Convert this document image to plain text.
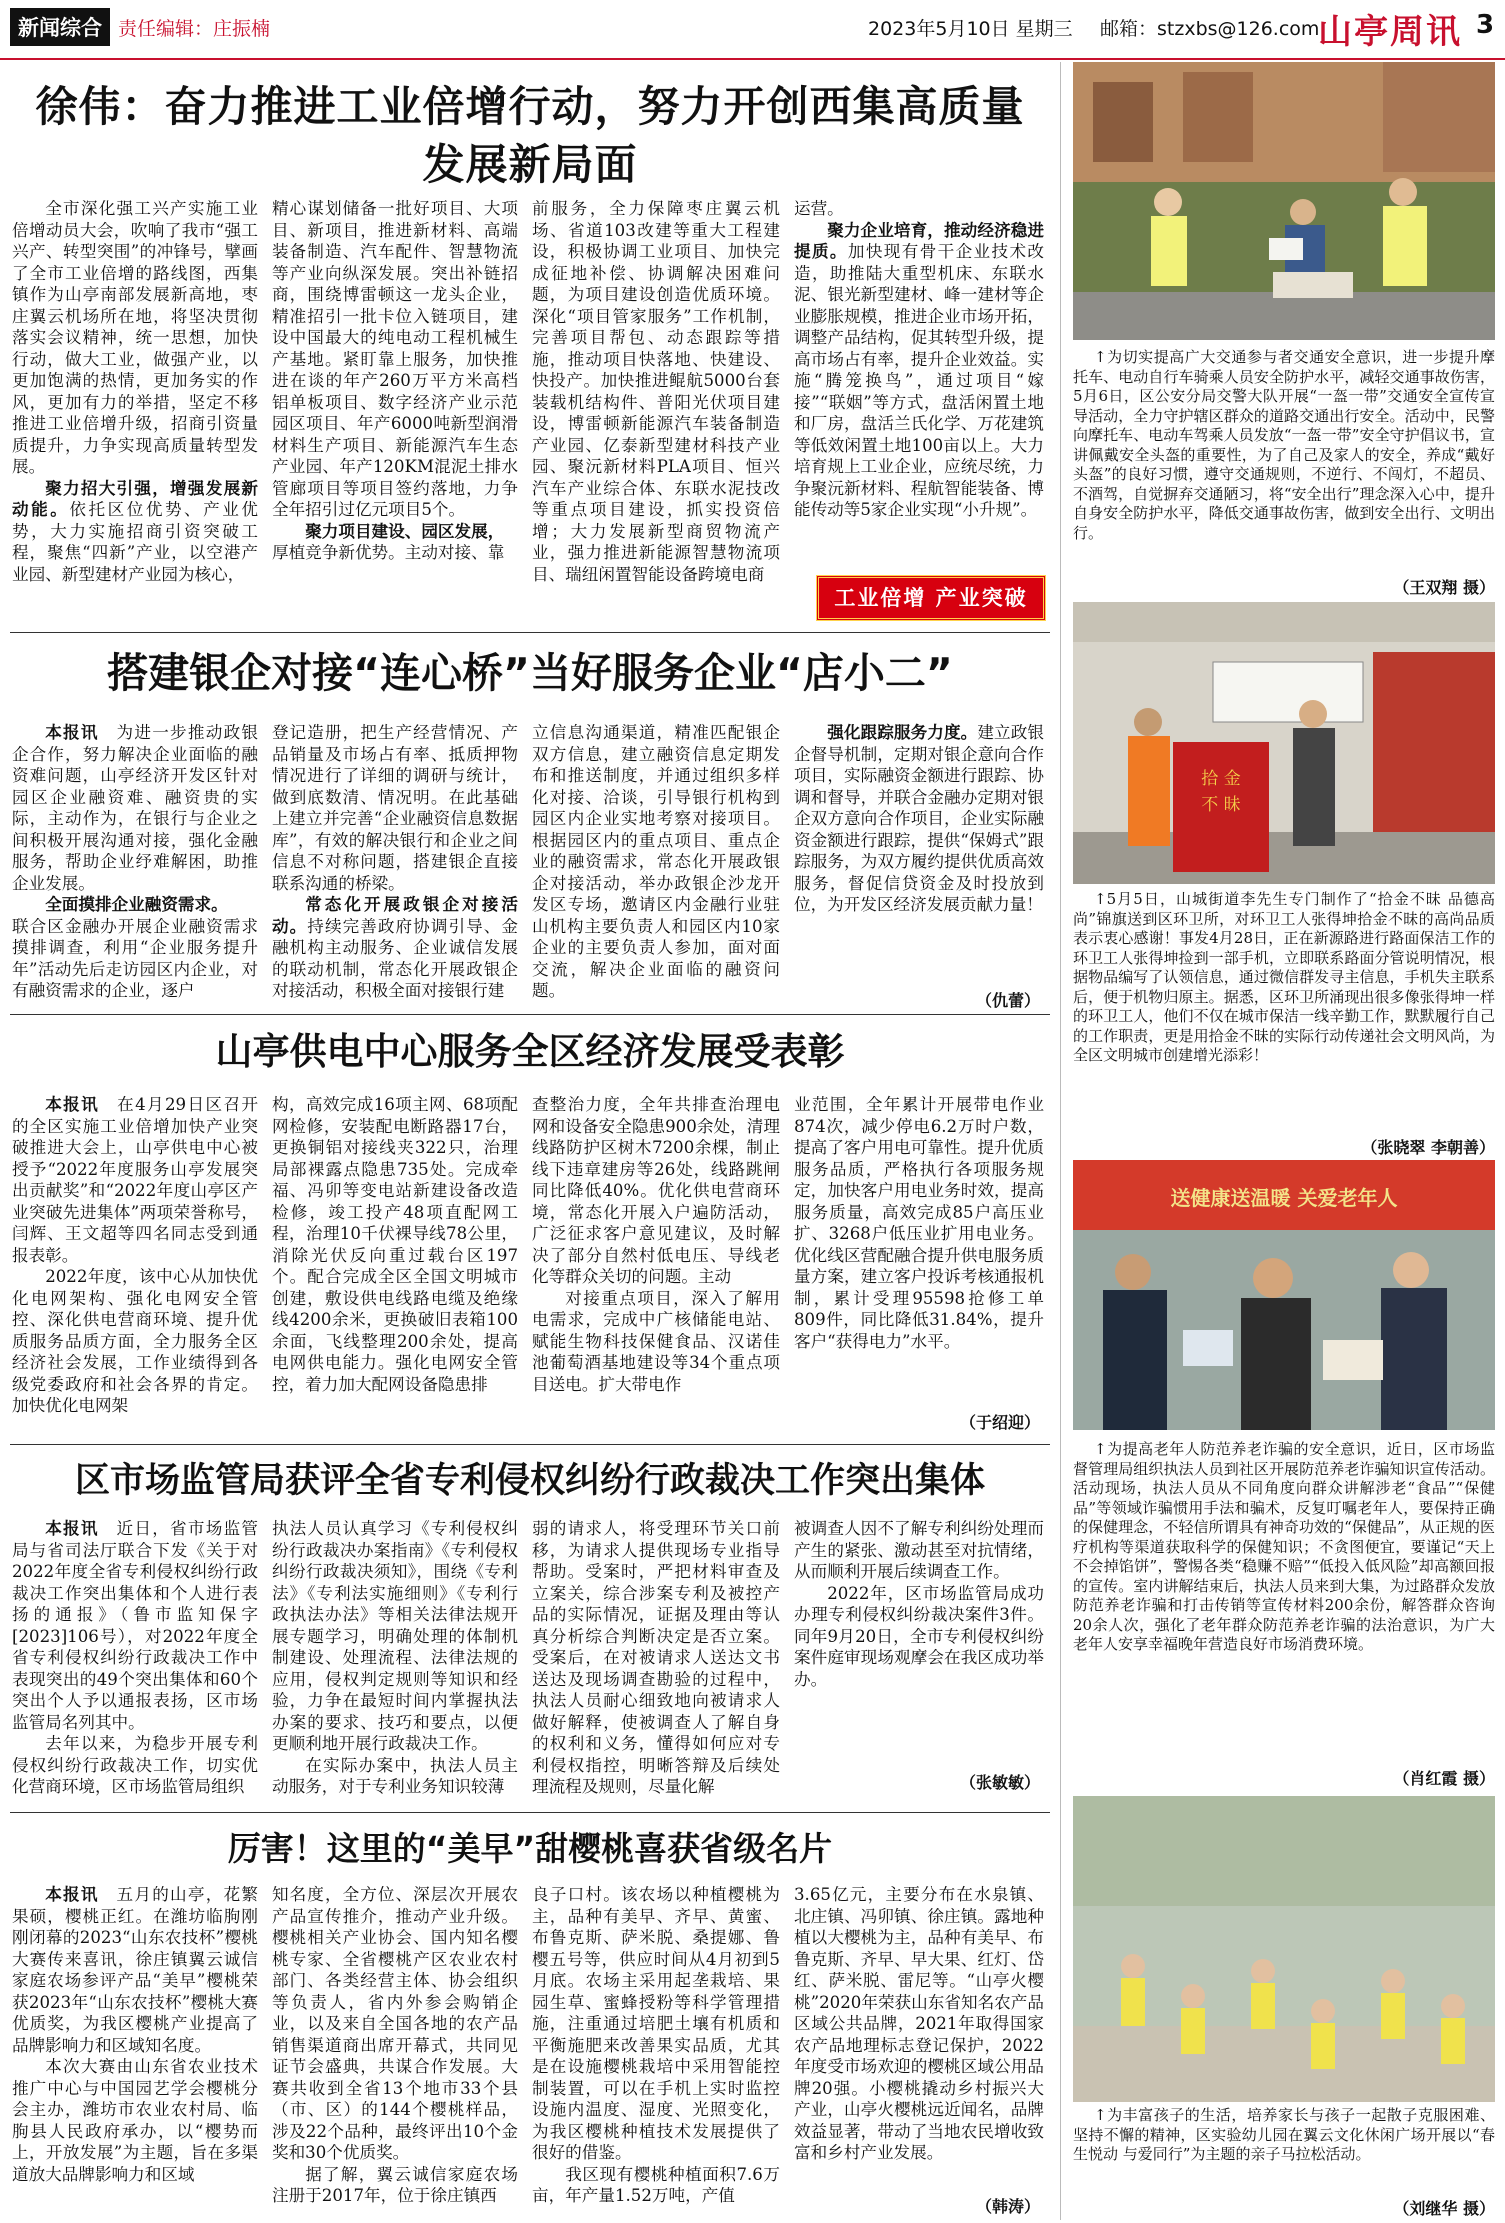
新闻综合 责任编辑：庄振楠	2023年5月10日 星期三 邮箱：stzxbs@126.com
山亭周讯 3
徐伟：奋力推进工业倍增行动，努力开创西集高质量
发展新局面

全市深化强工兴产实施工业倍增动员大会，吹响了我市“强工兴产、转型突围”的冲锋号，擘画了全市工业倍增的路线图，西集镇作为山亭南部发展新高地，枣庄翼云机场所在地，将坚决贯彻落实会议精神，统一思想，加快行动，做大工业，做强产业，以更加饱满的热情，更加务实的作风，更加有力的举措，坚定不移推进工业倍增升级，招商引资量质提升，力争实现高质量转型发展。

聚力招大引强，增强发展新动能。依托区位优势、产业优势，大力实施招商引资突破工程，聚焦“四新”产业，以空港产业园、新型建材产业园为核心，

精心谋划储备一批好项目、大项目、新项目，推进新材料、高端装备制造、汽车配件、智慧物流等产业向纵深发展。突出补链招商，围绕博雷顿这一龙头企业，精准招引一批卡位入链项目，建设中国最大的纯电动工程机械生产基地。紧盯靠上服务，加快推进在谈的年产260万平方米高档铝单板项目、数字经济产业示范园区项目、年产6000吨新型润滑材料生产项目、新能源汽车生态产业园、年产120KM混泥土排水管廊项目等项目签约落地，力争全年招引过亿元项目5个。

聚力项目建设、园区发展，

厚植竞争新优势。主动对接、靠

前服务，全力保障枣庄翼云机场、省道103改建等重大工程建设，积极协调工业项目、加快完成征地补偿、协调解决困难问题，为项目建设创造优质环境。深化“项目管家服务”工作机制，完善项目帮包、动态跟踪等措施，推动项目快落地、快建设、快投产。加快推进鲲航5000台套装载机结构件、普阳光伏项目建设，博雷顿新能源汽车装备制造产业园、亿泰新型建材科技产业园、聚沅新材料PLA项目、恒兴汽车产业综合体、东联水泥技改等重点项目建设，抓实投资倍增；大力发展新型商贸物流产业，强力推进新能源智慧物流项目、瑞纽闲置智能设备跨境电商

运营。

聚力企业培育，推动经济稳进提质。加快现有骨干企业技术改造，助推陆大重型机床、东联水泥、银光新型建材、峰一建材等企业膨胀规模，推进企业市场开拓，调整产品结构，促其转型升级，提高市场占有率，提升企业效益。实施“腾笼换鸟”，通过项目“嫁接”“联姻”等方式，盘活闲置土地和厂房，盘活兰氏化学、万花建筑等低效闲置土地100亩以上。大力培育规上工业企业，应统尽统，力争聚沅新材料、程航智能装备、博能传动等5家企业实现“小升规”。

工业倍增 产业突破
搭建银企对接“连心桥”当好服务企业“店小二”

本报讯　 为进一步推动政银企合作，努力解决企业面临的融资难问题，山亭经济开发区针对园区企业融资难、融资贵的实际，主动作为，在银行与企业之间积极开展沟通对接，强化金融服务，帮助企业纾难解困，助推企业发展。

全面摸排企业融资需求。

联合区金融办开展企业融资需求摸排调查，利用“企业服务提升年”活动先后走访园区内企业，对有融资需求的企业，逐户

登记造册，把生产经营情况、产品销量及市场占有率、抵质押物情况进行了详细的调研与统计，做到底数清、情况明。在此基础上建立并完善“企业融资信息数据库”，有效的解决银行和企业之间信息不对称问题，搭建银企直接联系沟通的桥梁。

常态化开展政银企对接活动。持续完善政府协调引导、金融机构主动服务、企业诚信发展的联动机制，常态化开展政银企对接活动，积极全面对接银行建

立信息沟通渠道，精准匹配银企双方信息，建立融资信息定期发布和推送制度，并通过组织多样化对接、洽谈，引导银行机构到园区内企业实地考察对接项目。根据园区内的重点项目、重点企业的融资需求，常态化开展政银企对接活动，举办政银企沙龙开发区专场，邀请区内金融行业驻山机构主要负责人和园区内10家企业的主要负责人参加，面对面交流，解决企业面临的融资问题。

强化跟踪服务力度。建立政银企督导机制，定期对银企意向合作项目，实际融资金额进行跟踪、协调和督导，并联合金融办定期对银企双方意向合作项目，企业实际融资金额进行跟踪，提供“保姆式”跟踪服务，为双方履约提供优质高效服务，督促信贷资金及时投放到位，为开发区经济发展贡献力量！

（仇蕾）
山亭供电中心服务全区经济发展受表彰

本报讯　 在4月29日区召开的全区实施工业倍增加快产业突破推进大会上，山亭供电中心被授予“2022年度服务山亭发展突出贡献奖”和“2022年度山亭区产业突破先进集体”两项荣誉称号，闫辉、王文超等四名同志受到通报表彰。

2022年度，该中心从加快优化电网架构、强化电网安全管控、深化供电营商环境、提升优质服务品质方面，全力服务全区经济社会发展，工作业绩得到各级党委政府和社会各界的肯定。加快优化电网架

构，高效完成16项主网、68项配网检修，安装配电断路器17台，更换铜铝对接线夹322只，治理局部裸露点隐患735处。完成牵福、冯卯等变电站新建设备改造检修，竣工投产48项直配网工程，治理10千伏裸导线78公里，消除光伏反向重过载台区197个。配合完成全区全国文明城市创建，敷设供电线路电缆及绝缘线4200余米，更换破旧表箱100余面，飞线整理200余处，提高电网供电能力。强化电网安全管控，着力加大配网设备隐患排

查整治力度，全年共排查治理电网和设备安全隐患900余处，清理线路防护区树木7200余棵，制止线下违章建房等26处，线路跳闸同比降低40%。优化供电营商环境，常态化开展入户遍防活动，广泛征求客户意见建议，及时解决了部分自然村低电压、导线老化等群众关切的问题。主动

对接重点项目，深入了解用电需求，完成中广核储能电站、赋能生物科技保健食品、汉诺佳池葡萄酒基地建设等34个重点项目送电。扩大带电作

业范围，全年累计开展带电作业874次，减少停电6.2万时户数，提高了客户用电可靠性。提升优质服务品质，严格执行各项服务规定，加快客户用电业务时效，提高服务质量，高效完成85户高压业扩、3268户低压业扩用电业务。优化线区营配融合提升供电服务质量方案，建立客户投诉考核通报机制，累计受理95598抢修工单809件，同比降低31.84%，提升客户“获得电力”水平。

（于绍迎）
区市场监管局获评全省专利侵权纠纷行政裁决工作突出集体

本报讯　 近日，省市场监管局与省司法厅联合下发《关于对2022年度全省专利侵权纠纷行政裁决工作突出集体和个人进行表扬的通报》（鲁市监知保字[2023]106号），对2022年度全省专利侵权纠纷行政裁决工作中表现突出的49个突出集体和60个突出个人予以通报表扬，区市场监管局名列其中。

去年以来，为稳步开展专利侵权纠纷行政裁决工作，切实优化营商环境，区市场监管局组织

执法人员认真学习《专利侵权纠纷行政裁决办案指南》《专利侵权纠纷行政裁决须知》，围绕《专利法》《专利法实施细则》《专利行政执法办法》等相关法律法规开展专题学习，明确处理的体制机制建设、处理流程、法律法规的应用，侵权判定规则等知识和经验，力争在最短时间内掌握执法办案的要求、技巧和要点，以便更顺利地开展行政裁决工作。

在实际办案中，执法人员主动服务，对于专利业务知识较薄

弱的请求人，将受理环节关口前移，为请求人提供现场专业指导帮助。受案时，严把材料审查及立案关，综合涉案专利及被控产品的实际情况，证据及理由等认真分析综合判断决定是否立案。受案后，在对被请求人送达文书送达及现场调查勘验的过程中，执法人员耐心细致地向被请求人做好解释，使被调查人了解自身的权利和义务，懂得如何应对专利侵权指控，明晰答辩及后续处理流程及规则，尽量化解

被调查人因不了解专利纠纷处理而产生的紧张、激动甚至对抗情绪，从而顺利开展后续调查工作。

2022年，区市场监管局成功办理专利侵权纠纷裁决案件3件。同年9月20日，全市专利侵权纠纷案件庭审现场观摩会在我区成功举办。

（张敏敏）
厉害！这里的“美早”甜樱桃喜获省级名片

本报讯　 五月的山亭，花繁果硕，樱桃正红。在潍坊临朐刚刚闭幕的2023“山东农技杯”樱桃大赛传来喜讯，徐庄镇翼云诚信家庭农场参评产品“美早”樱桃荣获2023年“山东农技杯”樱桃大赛优质奖，为我区樱桃产业提高了品牌影响力和区域知名度。

本次大赛由山东省农业技术推广中心与中国园艺学会樱桃分会主办，潍坊市农业农村局、临朐县人民政府承办，以“樱势而上，开放发展”为主题，旨在多渠道放大品牌影响力和区域

知名度，全方位、深层次开展农产品宣传推介，推动产业升级。樱桃相关产业协会、国内知名樱桃专家、全省樱桃产区农业农村部门、各类经营主体、协会组织等负责人，省内外参会购销企业，以及来自全国各地的农产品销售渠道商出席开幕式，共同见证节会盛典，共谋合作发展。大赛共收到全省13个地市33个县（市、区）的144个樱桃样品，涉及22个品种，最终评出10个金奖和30个优质奖。

据了解，翼云诚信家庭农场注册于2017年，位于徐庄镇西

良子口村。该农场以种植樱桃为主，品种有美早、齐早、黄蜜、布鲁克斯、萨米脱、桑提娜、鲁樱五号等，供应时间从4月初到5月底。农场主采用起垄栽培、果园生草、蜜蜂授粉等科学管理措施，注重通过培肥土壤有机质和平衡施肥来改善果实品质，尤其是在设施樱桃栽培中采用智能控制装置，可以在手机上实时监控设施内温度、湿度、光照变化，为我区樱桃种植技术发展提供了很好的借鉴。

我区现有樱桃种植面积7.6万亩，年产量1.52万吨，产值

3.65亿元，主要分布在水泉镇、北庄镇、冯卯镇、徐庄镇。露地种植以大樱桃为主，品种有美早、布鲁克斯、齐早、早大果、红灯、岱红、萨米脱、雷尼等。“山亭火樱桃”2020年荣获山东省知名农产品区域公共品牌，2021年取得国家农产品地理标志登记保护，2022年度受市场欢迎的樱桃区域公用品牌20强。小樱桃撬动乡村振兴大产业，山亭火樱桃远近闻名，品牌效益显著，带动了当地农民增收致富和乡村产业发展。

（韩涛）

↑为切实提高广大交通参与者交通安全意识，进一步提升摩托车、电动自行车骑乘人员安全防护水平，减轻交通事故伤害，5月6日，区公安分局交警大队开展“一盔一带”交通安全宣传宣导活动，全力守护辖区群众的道路交通出行安全。活动中，民警向摩托车、电动车驾乘人员发放“一盔一带”安全守护倡议书，宣讲佩戴安全头盔的重要性，为了自己及家人的安全，养成“戴好头盔”的良好习惯，遵守交通规则，不逆行、不闯灯，不超员、不酒驾，自觉摒弃交通陋习，将“安全出行”理念深入心中，提升自身安全防护水平，降低交通事故伤害，做到安全出行、文明出行。

（王双翔 摄）
拾 金
不 昧

↑5月5日，山城街道李先生专门制作了“拾金不昧 品德高尚”锦旗送到区环卫所，对环卫工人张得坤拾金不昧的高尚品质表示衷心感谢！事发4月28日，正在新源路进行路面保洁工作的环卫工人张得坤捡到一部手机，立即联系路面分管说明情况，根据物品编写了认领信息，通过微信群发寻主信息，手机失主联系后，便于机物归原主。据悉，区环卫所涌现出很多像张得坤一样的环卫工人，他们不仅在城市保洁一线辛勤工作，默默履行自己的工作职责，更是用拾金不昧的实际行动传递社会文明风尚，为全区文明城市创建增光添彩！

（张晓翠 李朝善）
送健康送温暖 关爱老年人

↑为提高老年人防范养老诈骗的安全意识，近日，区市场监督管理局组织执法人员到社区开展防范养老诈骗知识宣传活动。活动现场，执法人员从不同角度向群众讲解涉老“食品”“保健品”等领域诈骗惯用手法和骗术，反复叮嘱老年人，要保持正确的保健理念，不轻信所谓具有神奇功效的“保健品”，从正规的医疗机构等渠道获取科学的保健知识；不贪图便宜，要谨记“天上不会掉馅饼”，警惕各类“稳赚不赔”“低投入低风险”却高额回报的宣传。室内讲解结束后，执法人员来到大集，为过路群众发放防范养老诈骗和打击传销等宣传材料200余份，解答群众咨询20余人次，强化了老年群众防范养老诈骗的法治意识，为广大老年人安享幸福晚年营造良好市场消费环境。

（肖红霞 摄）

↑为丰富孩子的生活，培养家长与孩子一起散子克服困难、坚持不懈的精神，区实验幼儿园在翼云文化休闲广场开展以“春生悦动 与爱同行”为主题的亲子马拉松活动。

（刘继华 摄）
